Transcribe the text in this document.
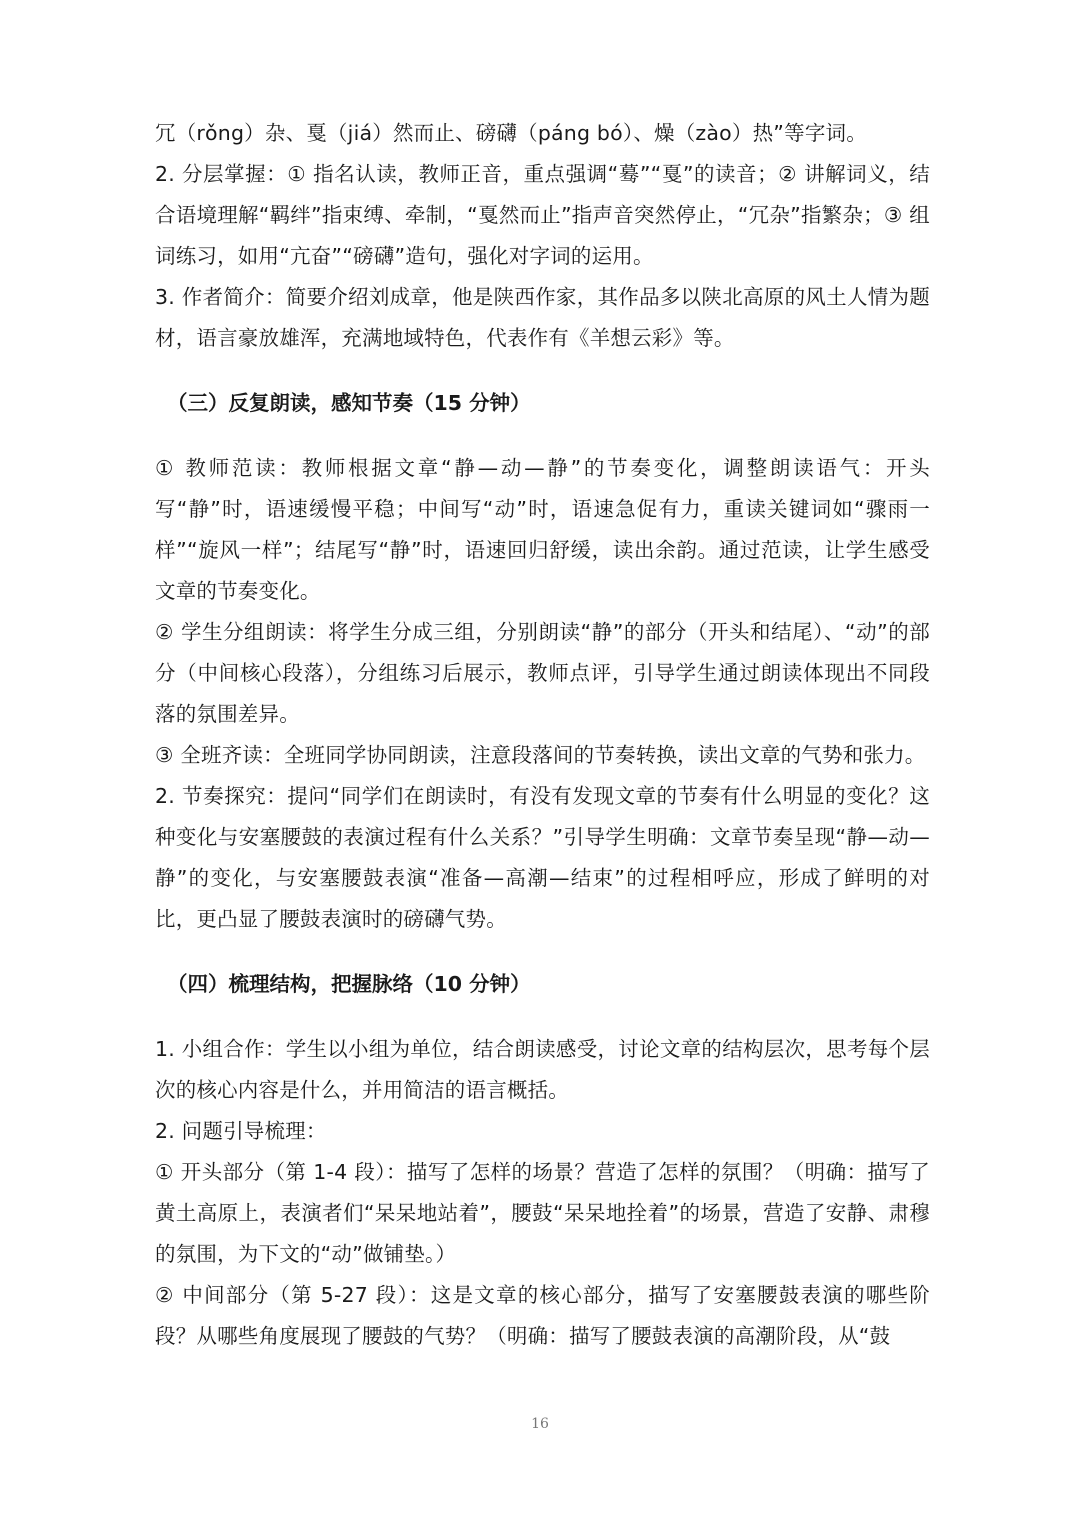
冗（rǒng）杂、戛（jiá）然而止、磅礴（páng bó）、燥（zào）热”等字词。

2. 分层掌握：① 指名认读，教师正音，重点强调“蓦”“戛”的读音；② 讲解词义，结合语境理解“羁绊”指束缚、牵制，“戛然而止”指声音突然停止，“冗杂”指繁杂；③ 组词练习，如用“亢奋”“磅礴”造句，强化对字词的运用。

3. 作者简介：简要介绍刘成章，他是陕西作家，其作品多以陕北高原的风土人情为题材，语言豪放雄浑，充满地域特色，代表作有《羊想云彩》等。

（三）反复朗读，感知节奏（15 分钟）

① 教师范读：教师根据文章“静—动—静”的节奏变化，调整朗读语气：开头写“静”时，语速缓慢平稳；中间写“动”时，语速急促有力，重读关键词如“骤雨一样”“旋风一样”；结尾写“静”时，语速回归舒缓，读出余韵。通过范读，让学生感受文章的节奏变化。

② 学生分组朗读：将学生分成三组，分别朗读“静”的部分（开头和结尾）、“动”的部分（中间核心段落），分组练习后展示，教师点评，引导学生通过朗读体现出不同段落的氛围差异。

③ 全班齐读：全班同学协同朗读，注意段落间的节奏转换，读出文章的气势和张力。

2. 节奏探究：提问“同学们在朗读时，有没有发现文章的节奏有什么明显的变化？这种变化与安塞腰鼓的表演过程有什么关系？”引导学生明确：文章节奏呈现“静—动—静”的变化，与安塞腰鼓表演“准备—高潮—结束”的过程相呼应，形成了鲜明的对比，更凸显了腰鼓表演时的磅礴气势。

（四）梳理结构，把握脉络（10 分钟）

1. 小组合作：学生以小组为单位，结合朗读感受，讨论文章的结构层次，思考每个层次的核心内容是什么，并用简洁的语言概括。

2. 问题引导梳理：

① 开头部分（第 1-4 段）：描写了怎样的场景？营造了怎样的氛围？（明确：描写了黄土高原上，表演者们“呆呆地站着”，腰鼓“呆呆地拴着”的场景，营造了安静、肃穆的氛围，为下文的“动”做铺垫。）

② 中间部分（第 5-27 段）：这是文章的核心部分，描写了安塞腰鼓表演的哪些阶段？从哪些角度展现了腰鼓的气势？（明确：描写了腰鼓表演的高潮阶段，从“鼓

16
